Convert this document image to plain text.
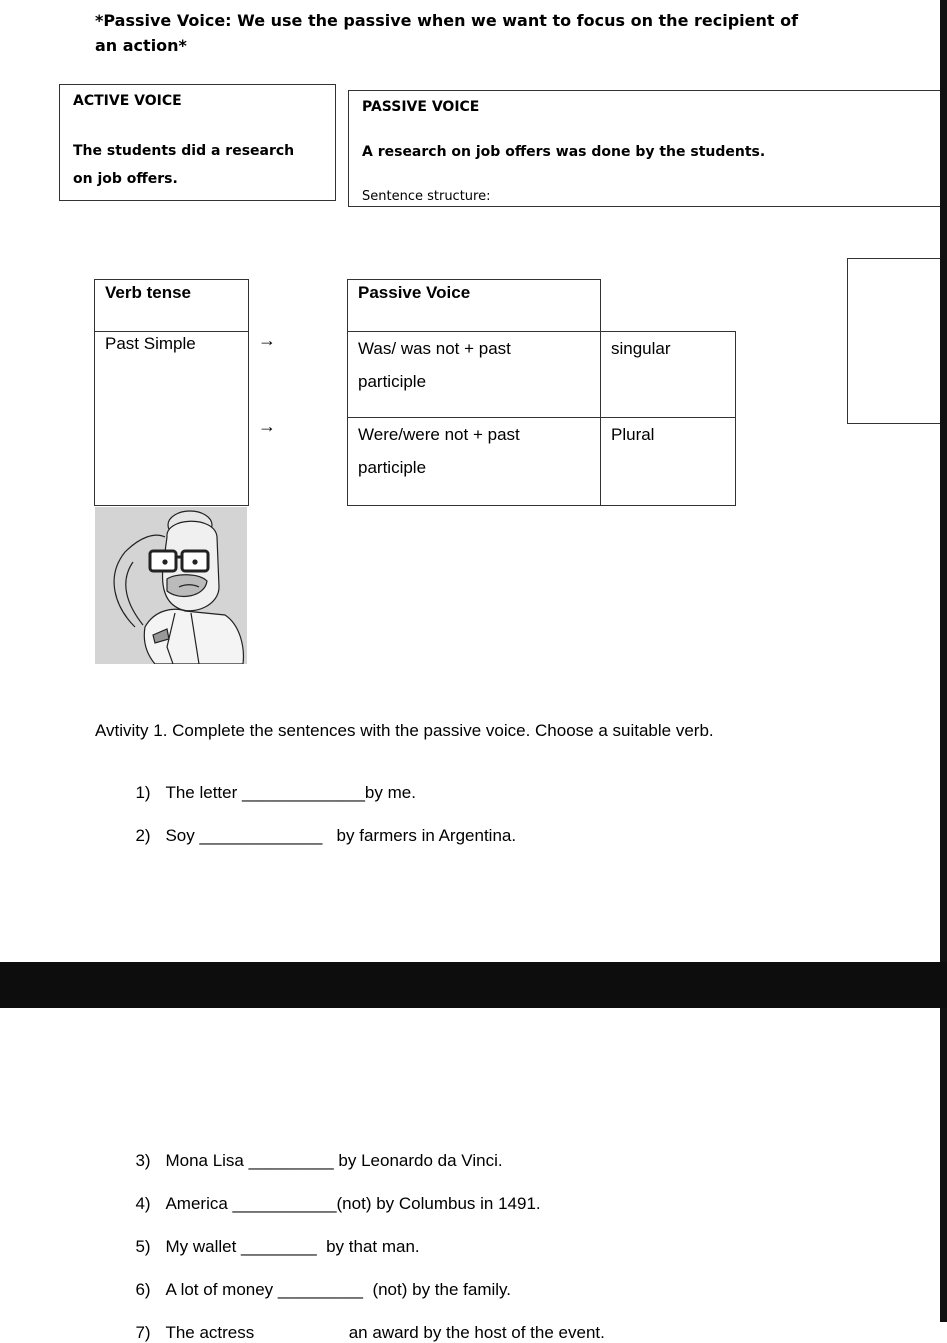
*Passive Voice: We use the passive when we want to focus on the recipient of
an action*
ACTIVE VOICE
The students did a research
on job offers.
PASSIVE VOICE
A research on job offers was done by the students.
Sentence structure:
Verb tense
Past Simple	→
→
Passive Voice
Was/ was not + past
participle
singular
Were/were not + past
participle
Plural
Avtivity 1. Complete the sentences with the passive voice. Choose a suitable verb.

1) The letter _____________by me.

2) Soy _____________   by farmers in Argentina.

3) Mona Lisa _________ by Leonardo da Vinci.

4) America ___________(not) by Columbus in 1491.

5) My wallet ________  by that man.

6) A lot of money _________  (not) by the family.

7) The actress                    an award by the host of the event.
